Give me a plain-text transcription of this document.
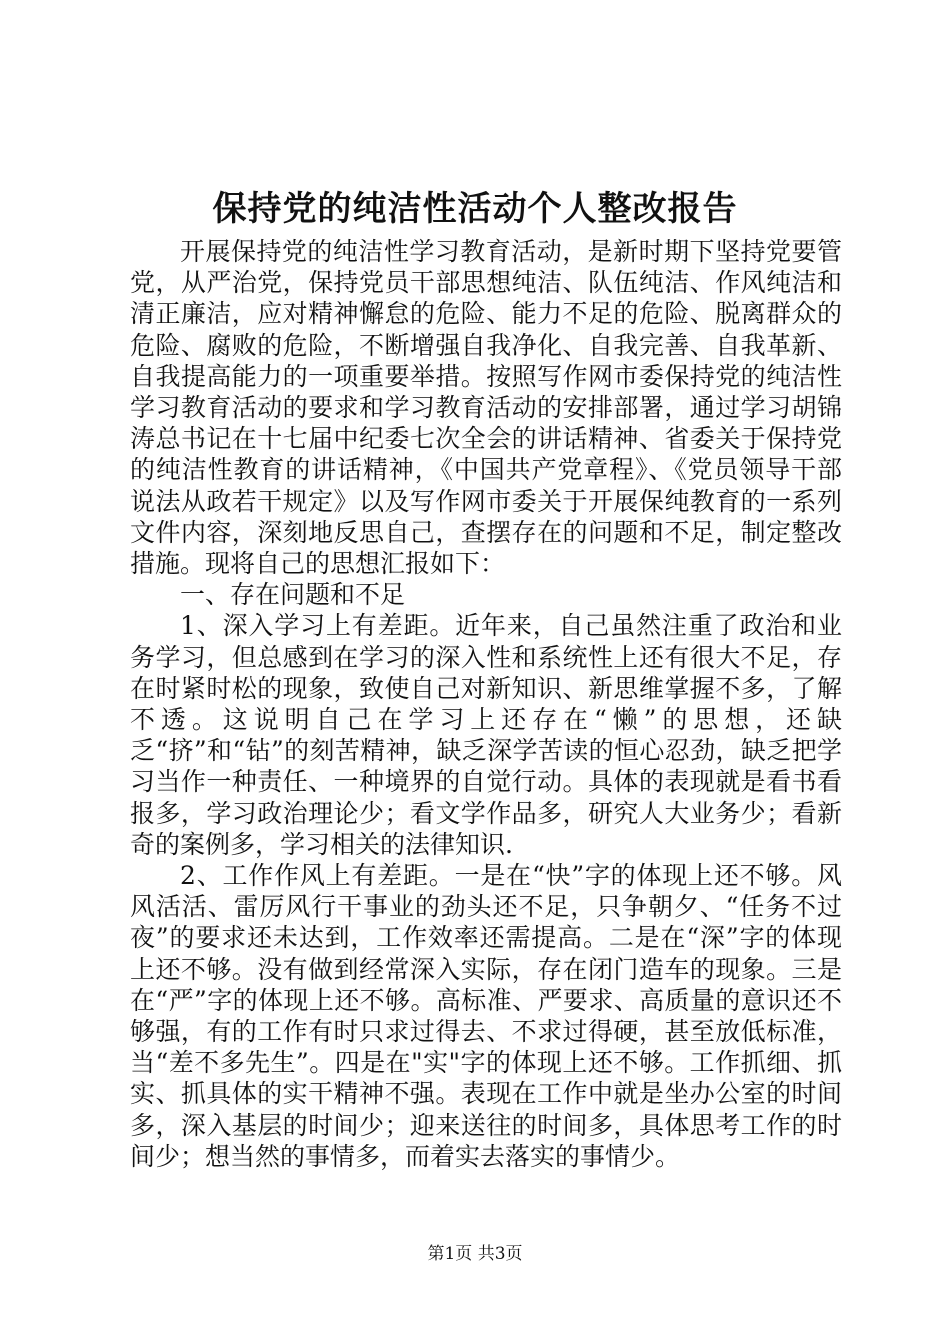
保持党的纯洁性活动个人整改报告

开展保持党的纯洁性学习教育活动，是新时期下坚持党要管党，从严治党，保持党员干部思想纯洁、队伍纯洁、作风纯洁和清正廉洁，应对精神懈怠的危险、能力不足的危险、脱离群众的危险、腐败的危险，不断增强自我净化、自我完善、自我革新、自我提高能力的一项重要举措。按照写作网市委保持党的纯洁性学习教育活动的要求和学习教育活动的安排部署，通过学习胡锦涛总书记在十七届中纪委七次全会的讲话精神、省委关于保持党的纯洁性教育的讲话精神，《中国共产党章程》、《党员领导干部说法从政若干规定》以及写作网市委关于开展保纯教育的一系列文件内容，深刻地反思自己，查摆存在的问题和不足，制定整改措施。现将自己的思想汇报如下：

一、存在问题和不足

1、深入学习上有差距。近年来，自己虽然注重了政治和业务学习，但总感到在学习的深入性和系统性上还有很大不足，存在时紧时松的现象，致使自己对新知识、新思维掌握不多，了解不透。这说明自己在学习上还存在“懒”的思想，还缺乏“挤”和“钻”的刻苦精神，缺乏深学苦读的恒心忍劲，缺乏把学习当作一种责任、一种境界的自觉行动。具体的表现就是看书看报多，学习政治理论少；看文学作品多，研究人大业务少；看新奇的案例多，学习相关的法律知识.

2、工作作风上有差距。一是在“快”字的体现上还不够。风风活活、雷厉风行干事业的劲头还不足，只争朝夕、“任务不过夜”的要求还未达到，工作效率还需提高。二是在“深”字的体现上还不够。没有做到经常深入实际，存在闭门造车的现象。三是在“严”字的体现上还不够。高标准、严要求、高质量的意识还不够强，有的工作有时只求过得去、不求过得硬，甚至放低标准，当“差不多先生”。四是在"实"字的体现上还不够。工作抓细、抓实、抓具体的实干精神不强。表现在工作中就是坐办公室的时间多，深入基层的时间少；迎来送往的时间多，具体思考工作的时间少；想当然的事情多，而着实去落实的事情少。

第1页 共3页
